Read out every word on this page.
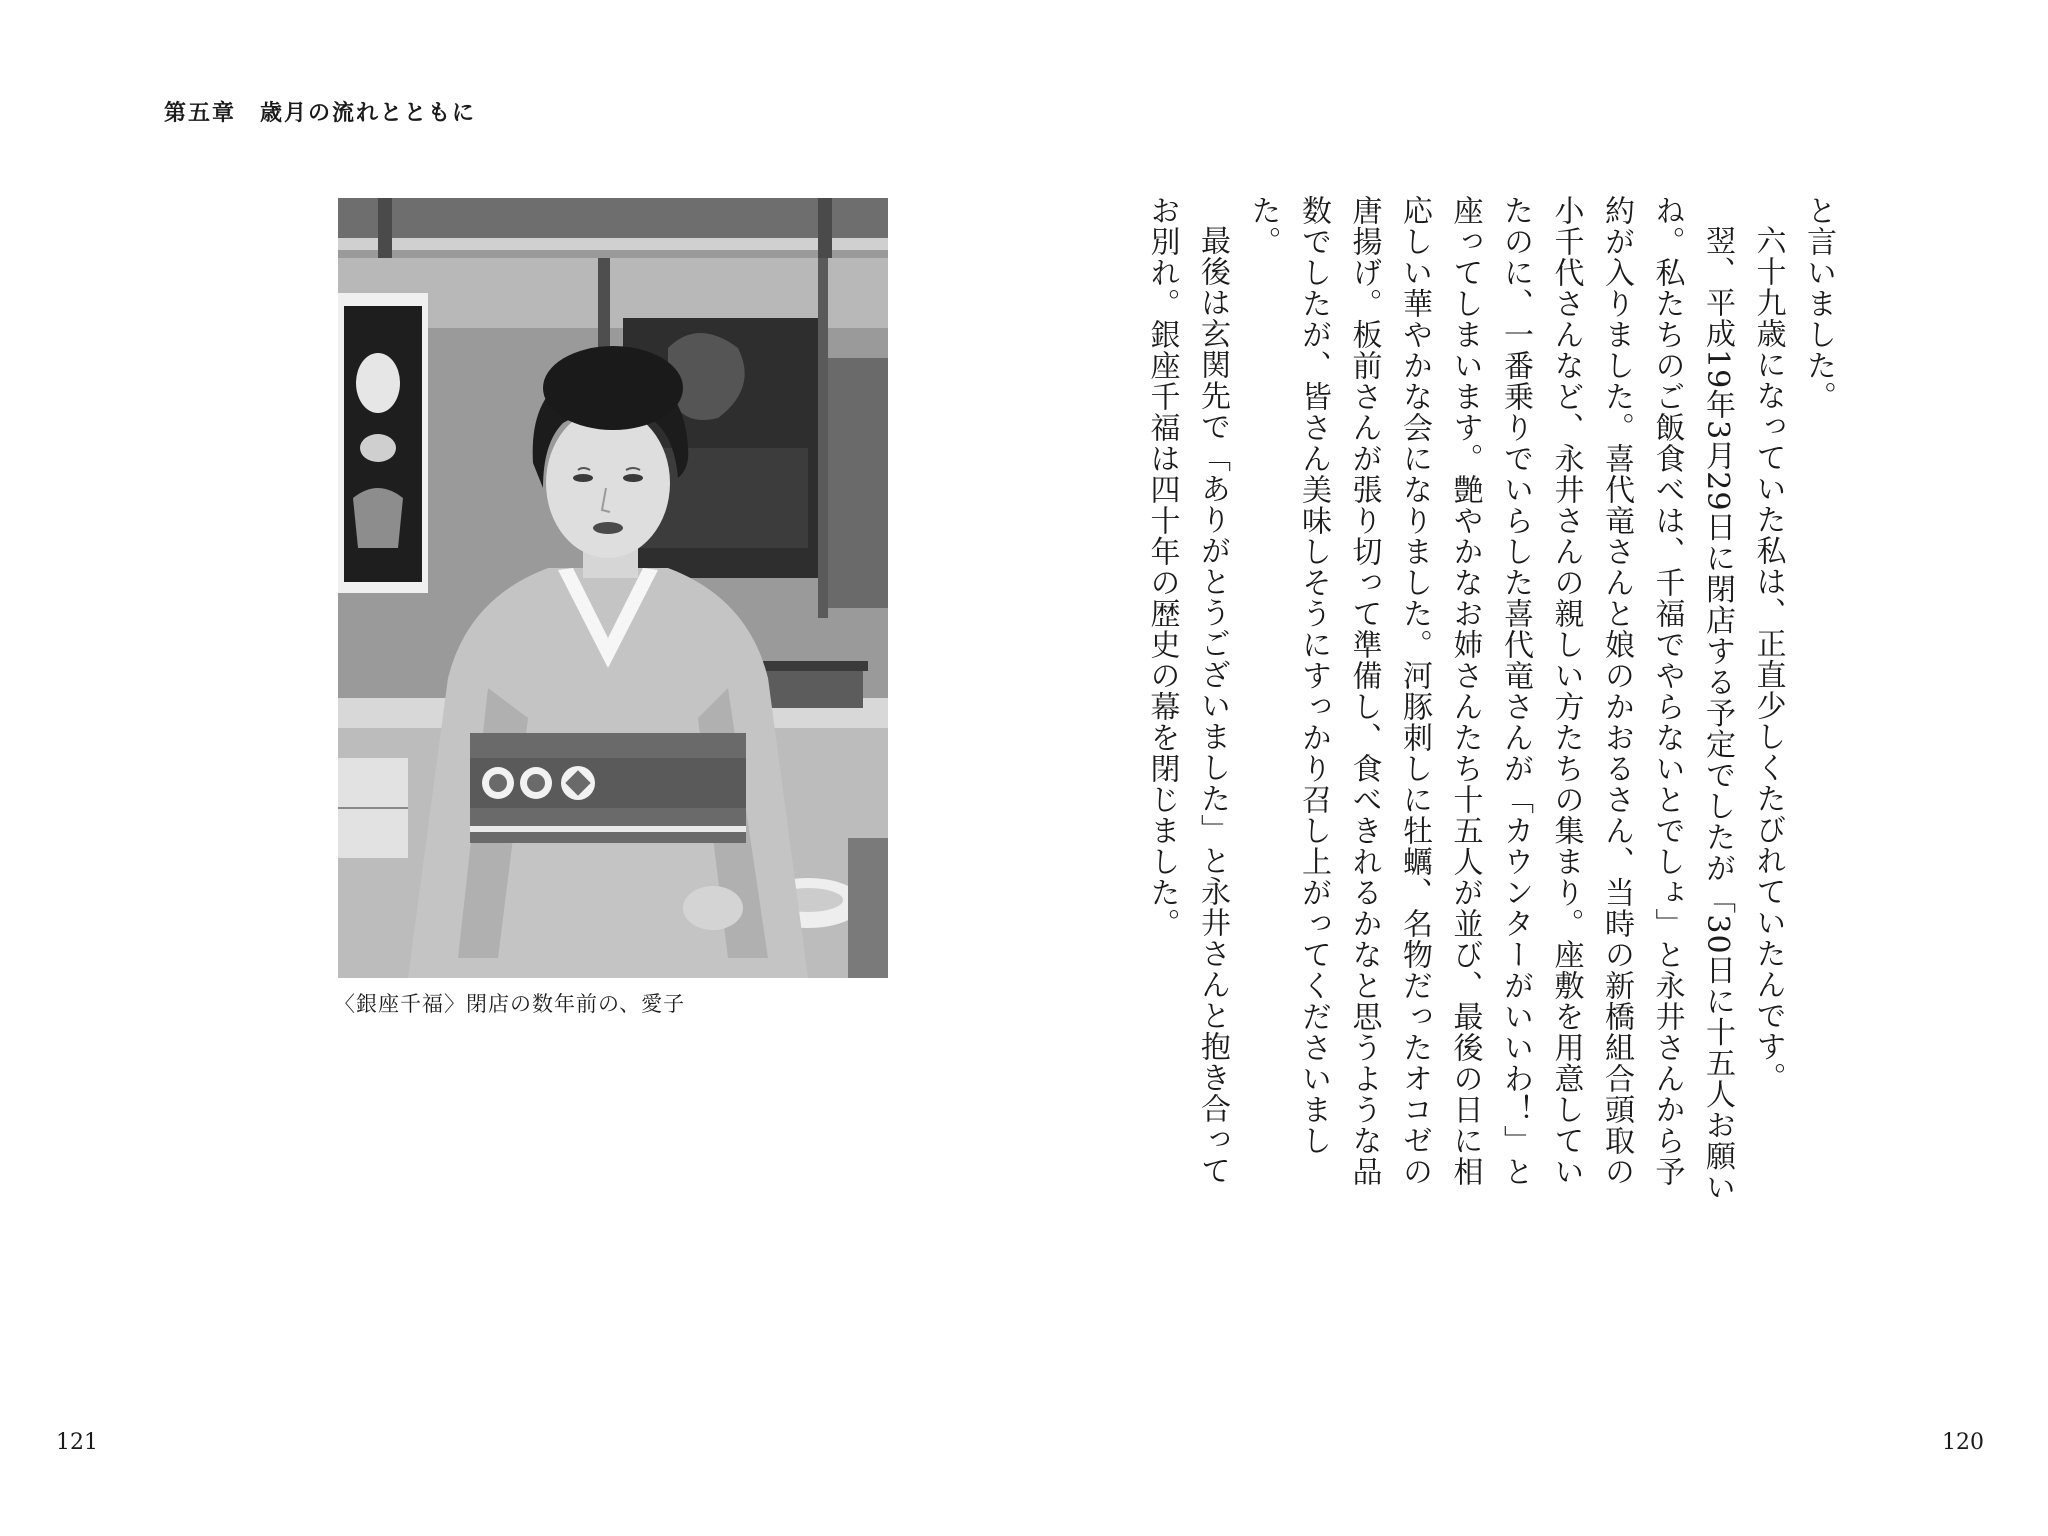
第五章　歳月の流れとともに
〈銀座千福〉閉店の数年前の、愛子
121

と言いました。

六十九歳になっていた私は、正直少しくたびれていたんです。

翌、平成19年3月29日に閉店する予定でしたが「30日に十五人お願いね。私たちのご飯食べは、千福でやらないとでしょ」と永井さんから予約が入りました。喜代竜さんと娘のかおるさん、当時の新橋組合頭取の小千代さんなど、永井さんの親しい方たちの集まり。座敷を用意していたのに、一番乗りでいらした喜代竜さんが「カウンターがいいわ！」と座ってしまいます。艶やかなお姉さんたち十五人が並び、最後の日に相応しい華やかな会になりました。河豚刺しに牡蠣、名物だったオコゼの唐揚げ。板前さんが張り切って準備し、食べきれるかなと思うような品数でしたが、皆さん美味しそうにすっかり召し上がってくださいました。

最後は玄関先で「ありがとうございました」と永井さんと抱き合ってお別れ。銀座千福は四十年の歴史の幕を閉じました。

120
